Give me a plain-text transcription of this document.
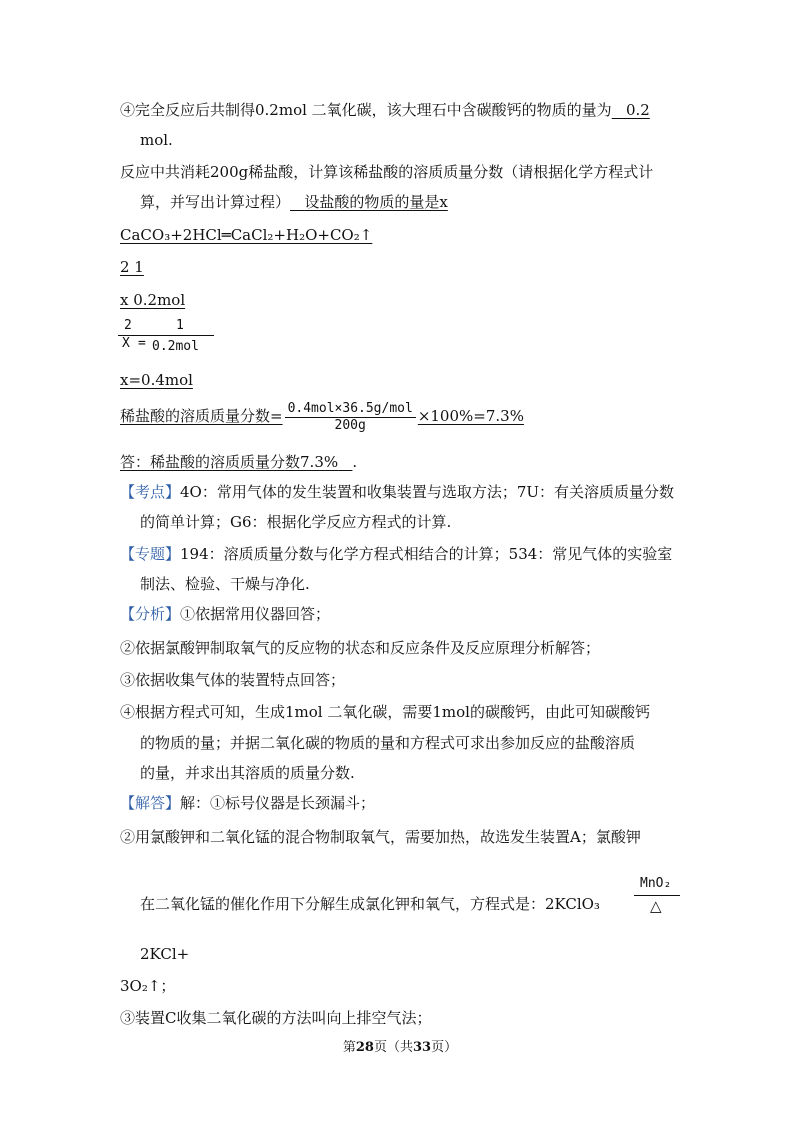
④完全反应后共制得0.2mol 二氧化碳，该大理石中含碳酸钙的物质的量为 0.2
mol.
反应中共消耗200g稀盐酸，计算该稀盐酸的溶质质量分数（请根据化学方程式计
算，并写出计算过程） 设盐酸的物质的量是x
CaCO₃+2HCl═CaCl₂+H₂O+CO₂↑
2 1
x 0.2mol
2	1
X = 0.2mol
x=0.4mol
稀盐酸的溶质质量分数= $\frac{\text{0.4mol×36.5g/mol}}{200g} \times 100\%=7.3\%$
答：稀盐酸的溶质质量分数7.3% .
【考点】4O：常用气体的发生装置和收集装置与选取方法；7U：有关溶质质量分数
的简单计算；G6：根据化学反应方程式的计算.
【专题】194：溶质质量分数与化学方程式相结合的计算；534：常见气体的实验室
制法、检验、干燥与净化.
【分析】①依据常用仪器回答；
②依据氯酸钾制取氧气的反应物的状态和反应条件及反应原理分析解答；
③依据收集气体的装置特点回答；
④根据方程式可知，生成1mol 二氧化碳，需要1mol的碳酸钙，由此可知碳酸钙
的物质的量；并据二氧化碳的物质的量和方程式可求出参加反应的盐酸溶质
的量，并求出其溶质的质量分数.
【解答】解：①标号仪器是长颈漏斗；
②用氯酸钾和二氧化锰的混合物制取氧气，需要加热，故选发生装置A；氯酸钾
在二氧化锰的催化作用下分解生成氯化钾和氧气，方程式是：2KClO₃
MnO₂
△
2KCl+
3O₂↑；
③装置C收集二氧化碳的方法叫向上排空气法；
第28页（共33页）
